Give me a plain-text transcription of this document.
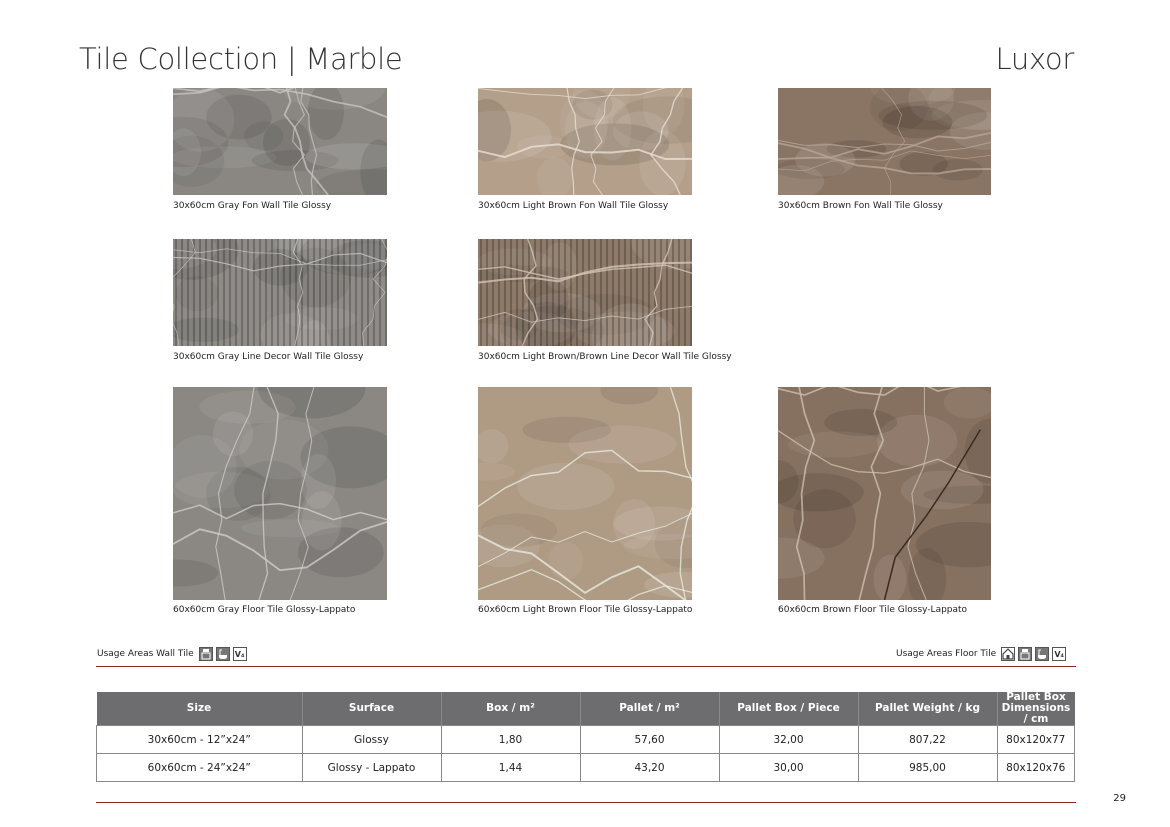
Tile Collection | Marble	Luxor
30x60cm Gray Fon Wall Tile Glossy	30x60cm Light Brown Fon Wall Tile Glossy	30x60cm Brown Fon Wall Tile Glossy
30x60cm Gray Line Decor Wall Tile Glossy	30x60cm Light Brown/Brown Line Decor Wall Tile Glossy
60x60cm Gray Floor Tile Glossy-Lappato	60x60cm Light Brown Floor Tile Glossy-Lappato	60x60cm Brown Floor Tile Glossy-Lappato
Usage Areas Wall Tile	V₄	Usage Areas Floor Tile	V₄
Size	Surface	Box / m²	Pallet / m²	Pallet Box / Piece	Pallet Weight / kg	Pallet Box
Dimensions / cm
30x60cm - 12”x24”	Glossy	1,80	57,60	32,00	807,22	80x120x77
60x60cm - 24”x24”	Glossy - Lappato	1,44	43,20	30,00	985,00	80x120x76
29
